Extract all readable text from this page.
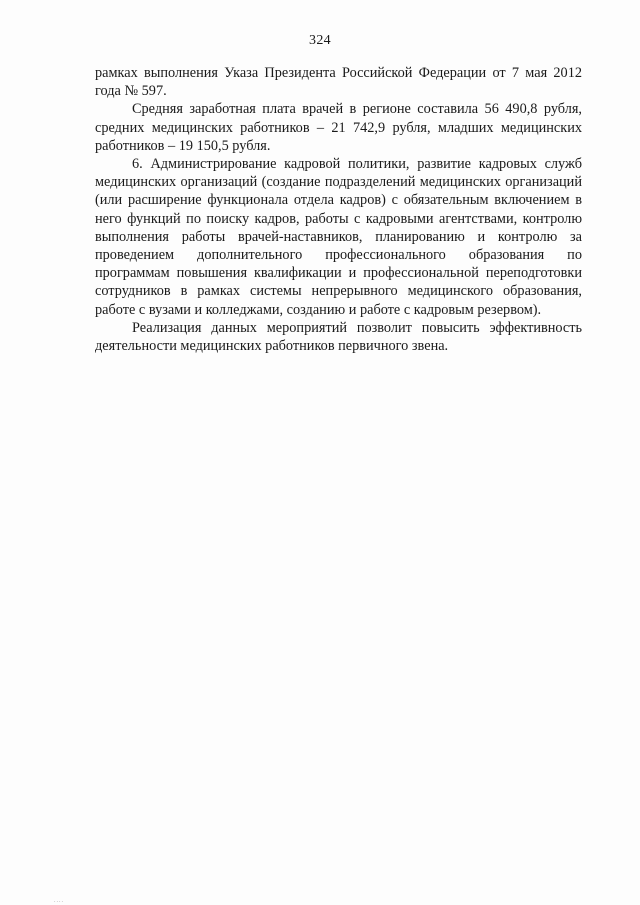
324

рамках выполнения Указа Президента Российской Федерации от 7 мая 2012 года № 597.

Средняя заработная плата врачей в регионе составила 56 490,8 рубля, средних медицинских работников – 21 742,9 рубля, младших медицинских работников – 19 150,5 рубля.

6. Администрирование кадровой политики, развитие кадровых служб медицинских организаций (создание подразделений медицинских организаций (или расширение функционала отдела кадров) с обязательным включением в него функций по поиску кадров, работы с кадровыми агентствами, контролю выполнения работы врачей-наставников, планированию и контролю за проведением дополнительного профессионального образования по программам повышения квалификации и профессиональной переподготовки сотрудников в рамках системы непрерывного медицинского образования, работе с вузами и колледжами, созданию и работе с кадровым резервом).

Реализация данных мероприятий позволит повысить эффективность деятельности медицинских работников первичного звена.

....
